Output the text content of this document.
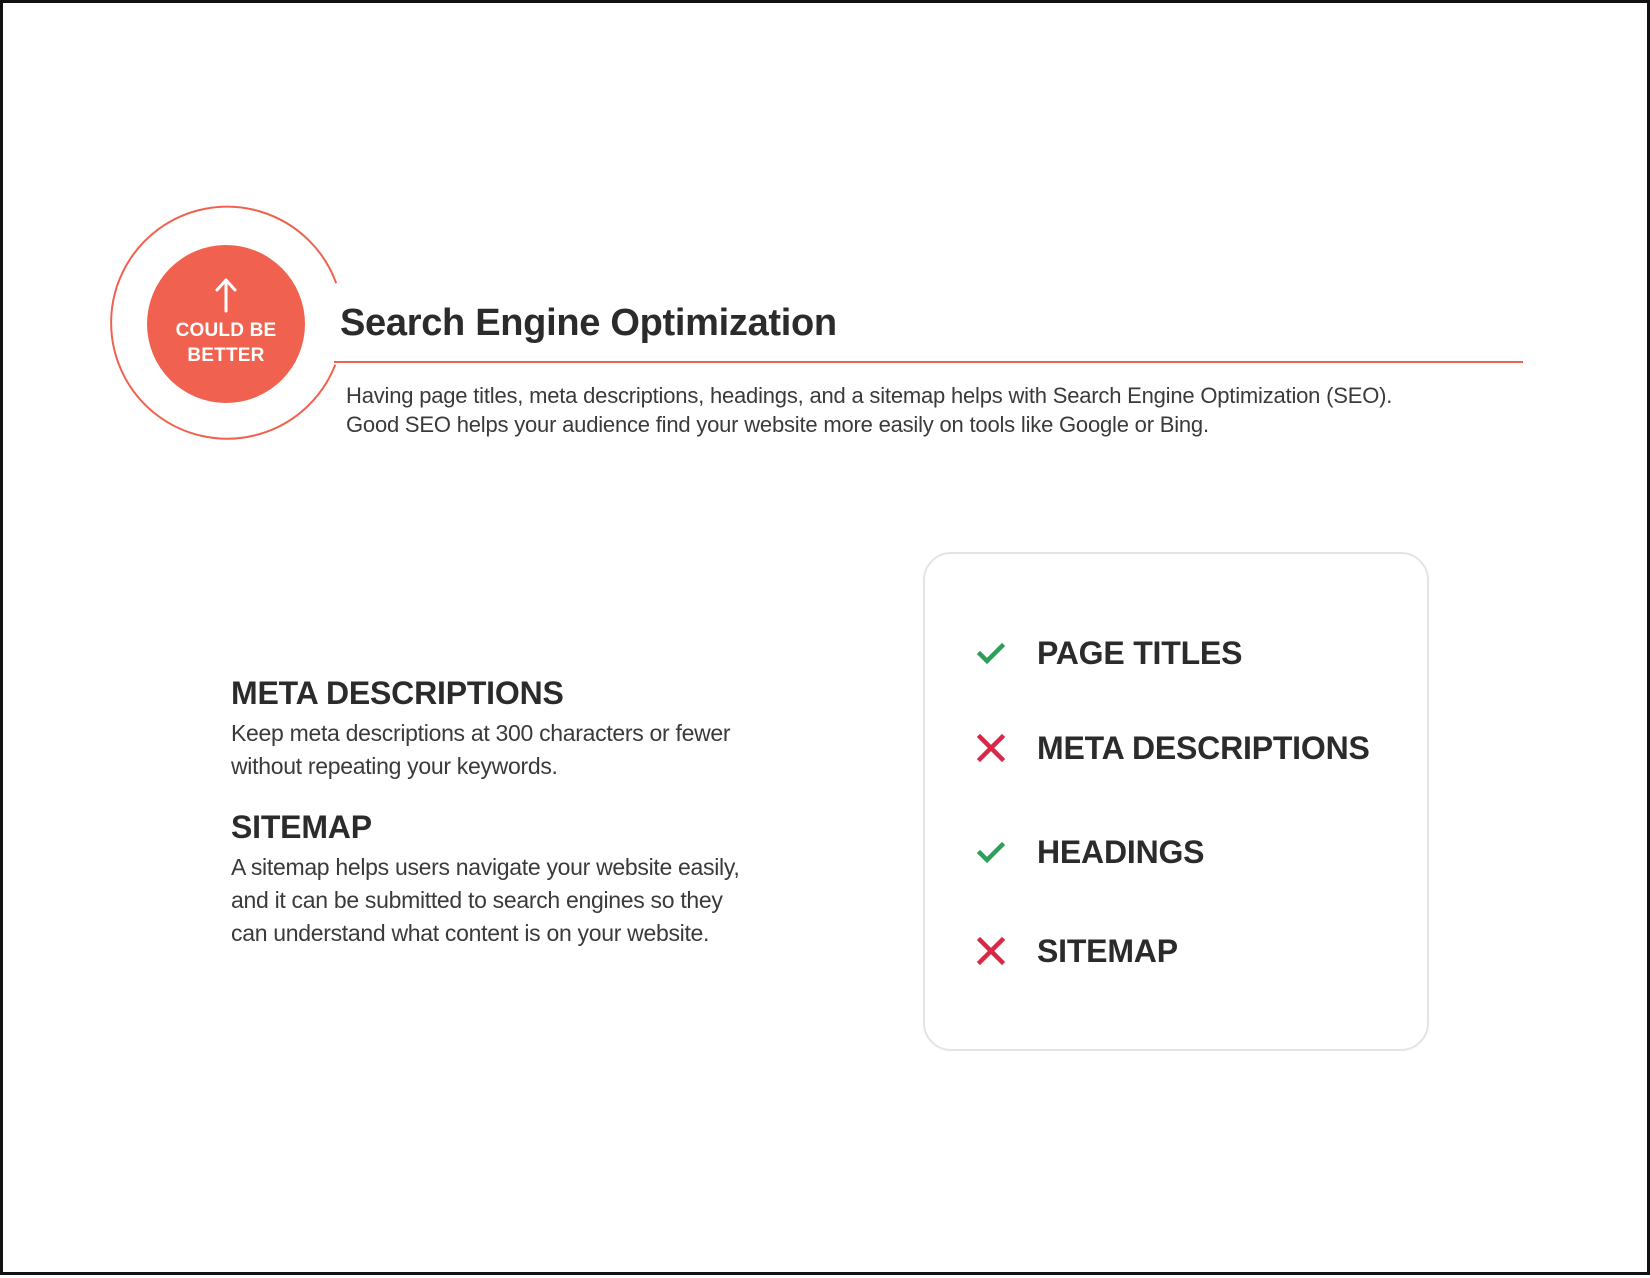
COULD BE BETTER
Search Engine Optimization

Having page titles, meta descriptions, headings, and a sitemap helps with Search Engine Optimization (SEO).
Good SEO helps your audience find your website more easily on tools like Google or Bing.

META DESCRIPTIONS

Keep meta descriptions at 300 characters or fewer
without repeating your keywords.

SITEMAP

A sitemap helps users navigate your website easily,
and it can be submitted to search engines so they
can understand what content is on your website.

PAGE TITLES
META DESCRIPTIONS
HEADINGS
SITEMAP
